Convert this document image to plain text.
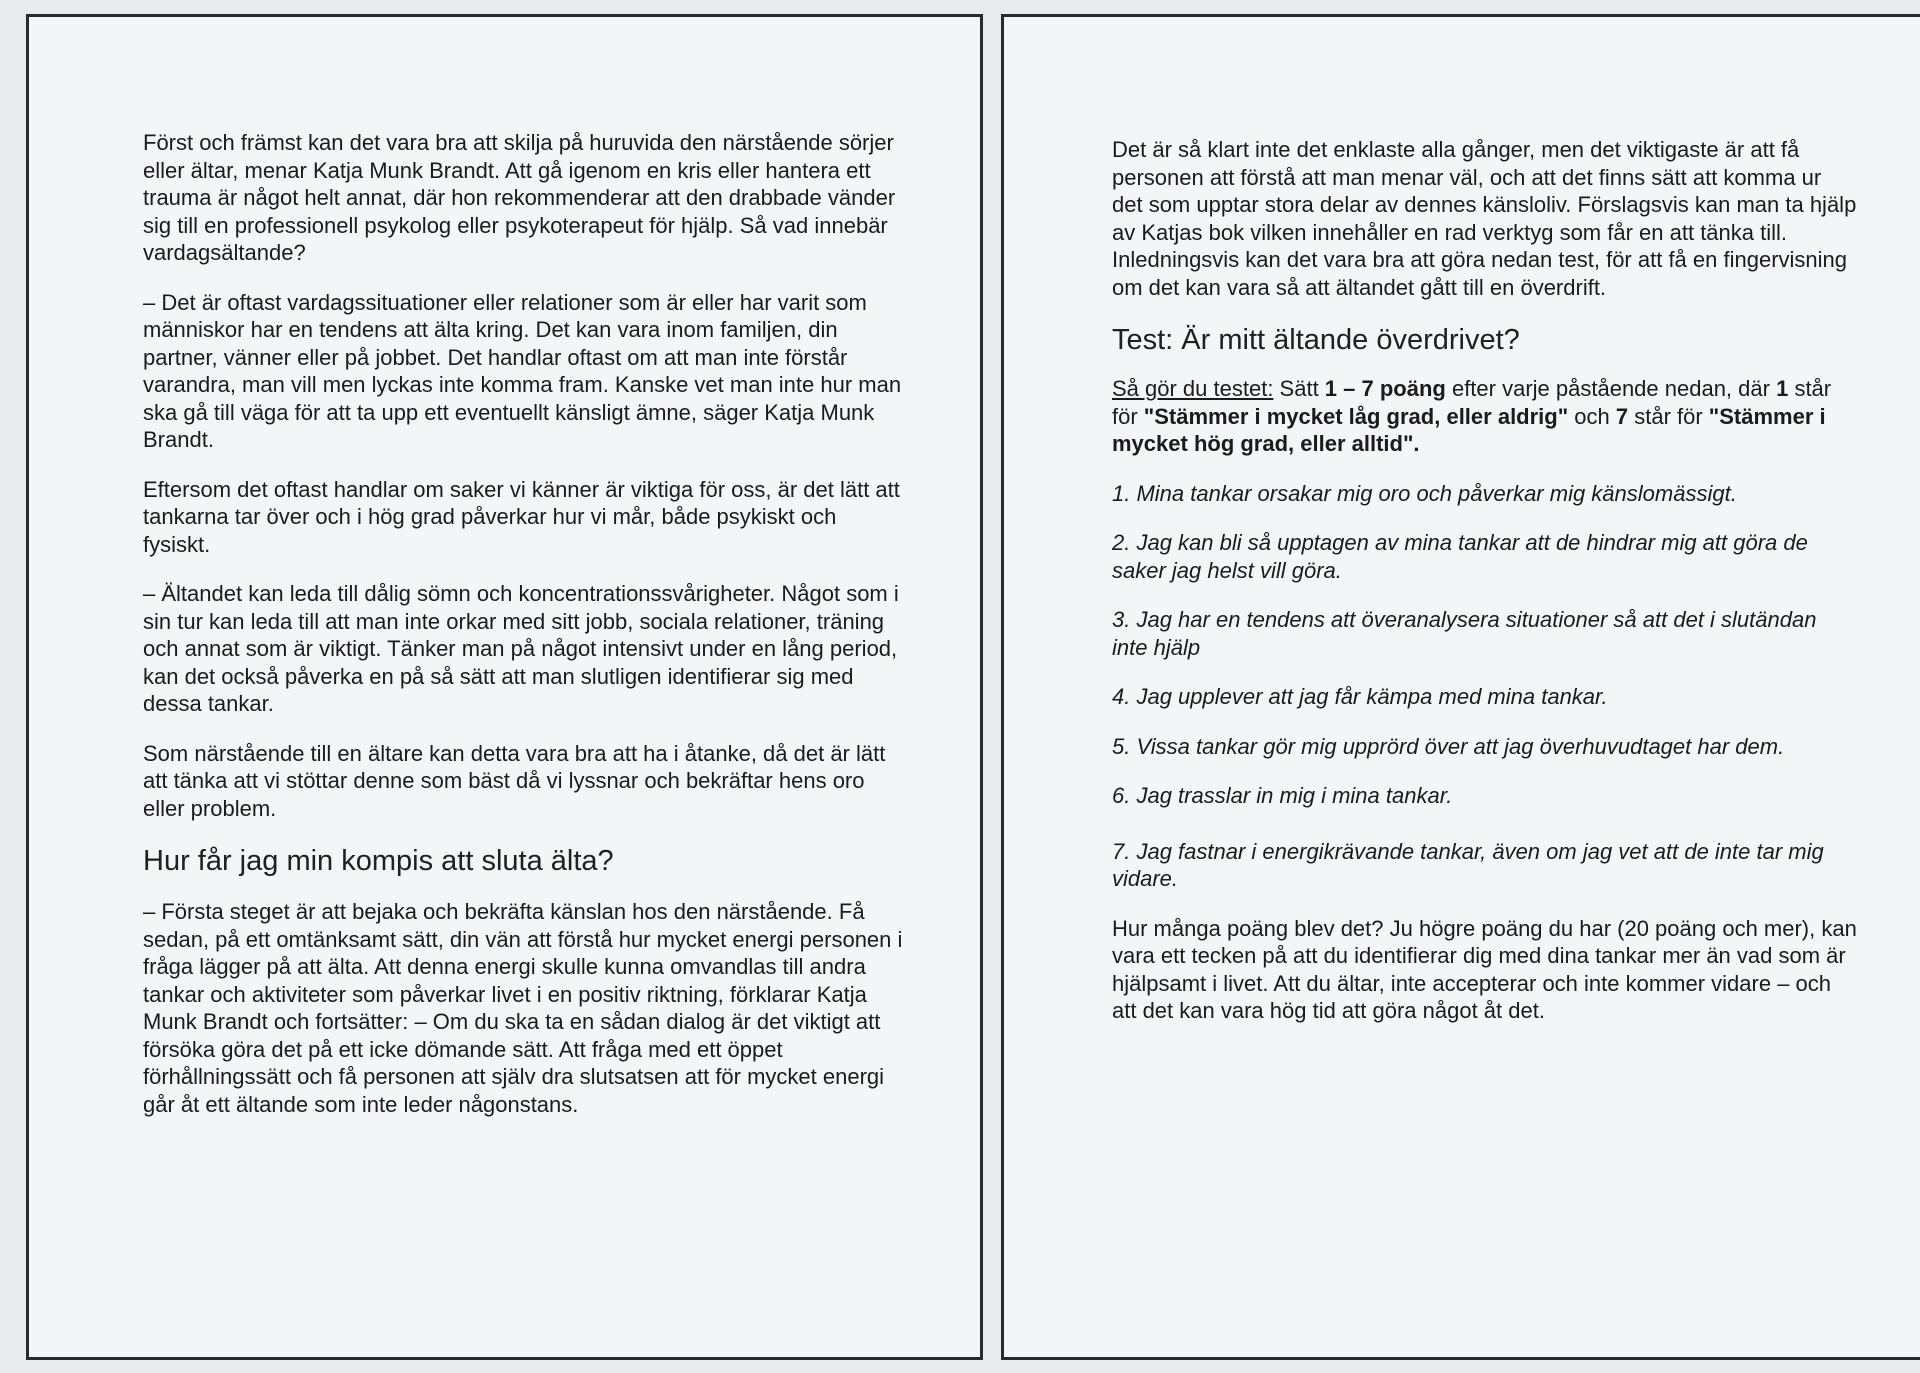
Först och främst kan det vara bra att skilja på huruvida den närstående sörjer eller ältar, menar Katja Munk Brandt. Att gå igenom en kris eller hantera ett trauma är något helt annat, där hon rekommenderar att den drabbade vänder sig till en professionell psykolog eller psykoterapeut för hjälp. Så vad innebär vardagsältande?

– Det är oftast vardagssituationer eller relationer som är eller har varit som människor har en tendens att älta kring. Det kan vara inom familjen, din partner, vänner eller på jobbet. Det handlar oftast om att man inte förstår varandra, man vill men lyckas inte komma fram. Kanske vet man inte hur man ska gå till väga för att ta upp ett eventuellt känsligt ämne, säger Katja Munk Brandt.

Eftersom det oftast handlar om saker vi känner är viktiga för oss, är det lätt att tankarna tar över och i hög grad påverkar hur vi mår, både psykiskt och fysiskt.

– Ältandet kan leda till dålig sömn och koncentrationssvårigheter. Något som i sin tur kan leda till att man inte orkar med sitt jobb, sociala relationer, träning och annat som är viktigt. Tänker man på något intensivt under en lång period, kan det också påverka en på så sätt att man slutligen identifierar sig med dessa tankar.

Som närstående till en ältare kan detta vara bra att ha i åtanke, då det är lätt att tänka att vi stöttar denne som bäst då vi lyssnar och bekräftar hens oro eller problem.

Hur får jag min kompis att sluta älta?

– Första steget är att bejaka och bekräfta känslan hos den närstående. Få sedan, på ett omtänksamt sätt, din vän att förstå hur mycket energi personen i fråga lägger på att älta. Att denna energi skulle kunna omvandlas till andra tankar och aktiviteter som påverkar livet i en positiv riktning, förklarar Katja Munk Brandt och fortsätter: – Om du ska ta en sådan dialog är det viktigt att försöka göra det på ett icke dömande sätt. Att fråga med ett öppet förhållningssätt och få personen att själv dra slutsatsen att för mycket energi går åt ett ältande som inte leder någonstans.

Det är så klart inte det enklaste alla gånger, men det viktigaste är att få personen att förstå att man menar väl, och att det finns sätt att komma ur det som upptar stora delar av dennes känsloliv. Förslagsvis kan man ta hjälp av Katjas bok vilken innehåller en rad verktyg som får en att tänka till. Inledningsvis kan det vara bra att göra nedan test, för att få en fingervisning om det kan vara så att ältandet gått till en överdrift.

Test: Är mitt ältande överdrivet?

Så gör du testet: Sätt 1 – 7 poäng efter varje påstående nedan, där 1 står för "Stämmer i mycket låg grad, eller aldrig" och 7 står för "Stämmer i mycket hög grad, eller alltid".

1. Mina tankar orsakar mig oro och påverkar mig känslomässigt.

2. Jag kan bli så upptagen av mina tankar att de hindrar mig att göra de saker jag helst vill göra.

3. Jag har en tendens att överanalysera situationer så att det i slutändan inte hjälp

4. Jag upplever att jag får kämpa med mina tankar.

5. Vissa tankar gör mig upprörd över att jag överhuvudtaget har dem.

6. Jag trasslar in mig i mina tankar.

7. Jag fastnar i energikrävande tankar, även om jag vet att de inte tar mig vidare.

Hur många poäng blev det? Ju högre poäng du har (20 poäng och mer), kan vara ett tecken på att du identifierar dig med dina tankar mer än vad som är hjälpsamt i livet. Att du ältar, inte accepterar och inte kommer vidare – och att det kan vara hög tid att göra något åt det.
